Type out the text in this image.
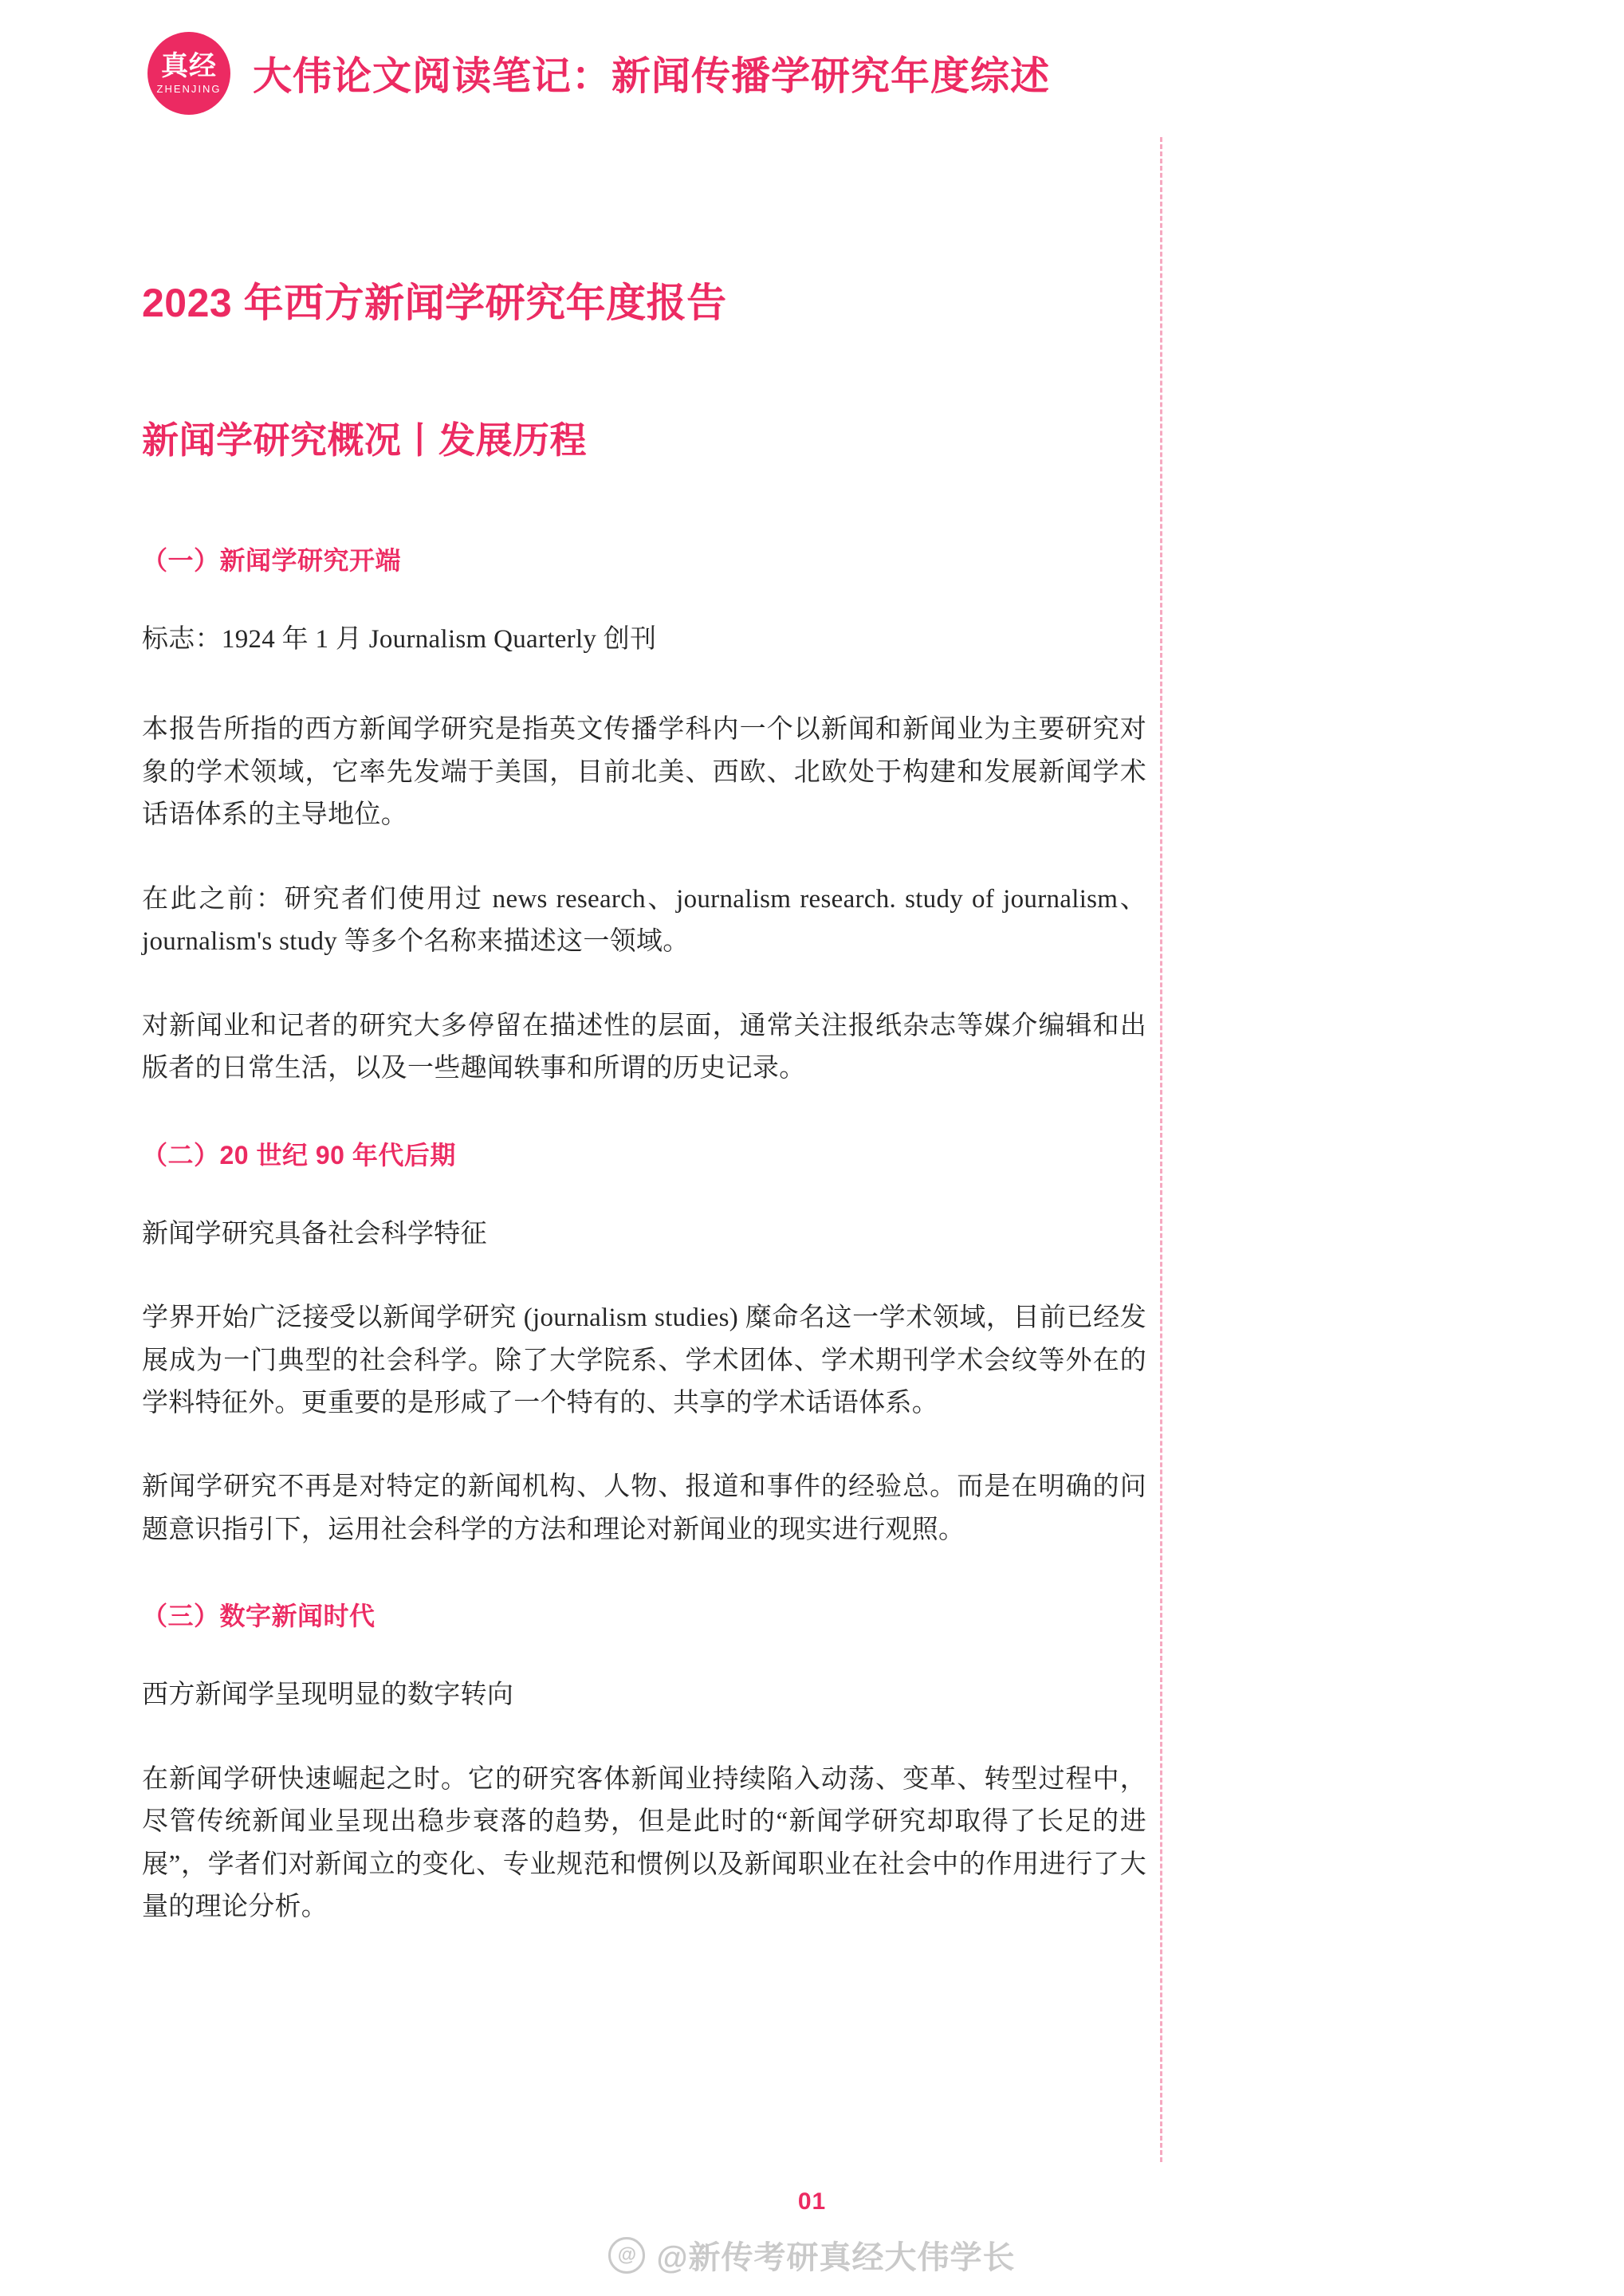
真经
ZHENJING 大伟论文阅读笔记：新闻传播学研究年度综述
2023 年西方新闻学研究年度报告
新闻学研究概况丨发展历程
（一）新闻学研究开端

标志：1924 年 1 月 Journalism Quarterly 创刊

本报告所指的西方新闻学研究是指英文传播学科内一个以新闻和新闻业为主要研究对象的学术领域，它率先发端于美国，目前北美、西欧、北欧处于构建和发展新闻学术话语体系的主导地位。

在此之前：研究者们使用过 news research、journalism research. study of journalism、journalism's study 等多个名称来描述这一领域。

对新闻业和记者的研究大多停留在描述性的层面，通常关注报纸杂志等媒介编辑和出版者的日常生活，以及一些趣闻轶事和所谓的历史记录。

（二）20 世纪 90 年代后期

新闻学研究具备社会科学特征

学界开始广泛接受以新闻学研究 (journalism studies) 糜命名这一学术领域，目前已经发展成为一门典型的社会科学。除了大学院系、学术团体、学术期刊学术会纹等外在的学料特征外。更重要的是形咸了一个特有的、共享的学术话语体系。

新闻学研究不再是对特定的新闻机构、人物、报道和事件的经验总。而是在明确的问题意识指引下，运用社会科学的方法和理论对新闻业的现实进行观照。

（三）数字新闻时代

西方新闻学呈现明显的数字转向

在新闻学研快速崛起之时。它的研究客体新闻业持续陷入动荡、变革、转型过程中，尽管传统新闻业呈现出稳步衰落的趋势，但是此时的“新闻学研究却取得了长足的进展”，学者们对新闻立的变化、专业规范和惯例以及新闻职业在社会中的作用进行了大量的理论分析。

01
@ @新传考研真经大伟学长
